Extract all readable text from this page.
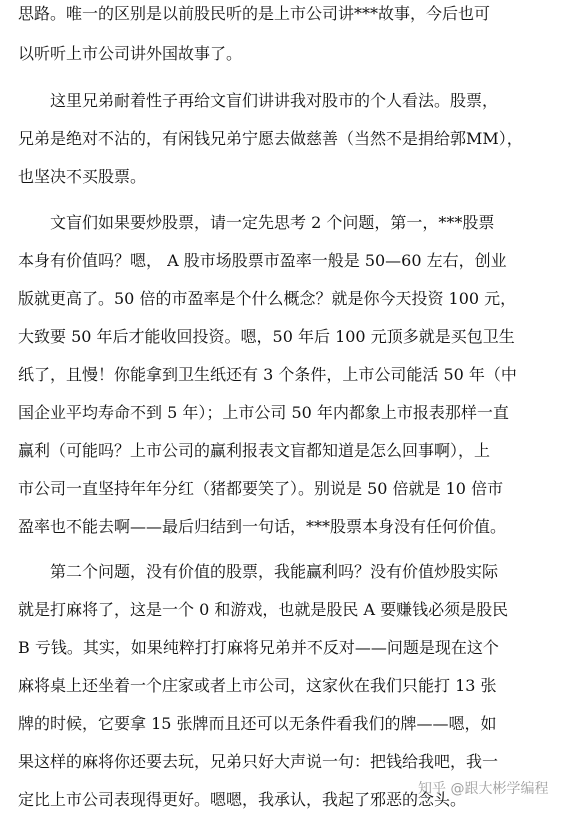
思路。唯一的区别是以前股民听的是上市公司讲***故事，今后也可
以听听上市公司讲外国故事了。
　　这里兄弟耐着性子再给文盲们讲讲我对股市的个人看法。股票，
兄弟是绝对不沾的，有闲钱兄弟宁愿去做慈善（当然不是捐给郭MM），
也坚决不买股票。
　　文盲们如果要炒股票，请一定先思考 2 个问题，第一，***股票
本身有价值吗？嗯， A 股市场股票市盈率一般是 50—60 左右，创业
版就更高了。50 倍的市盈率是个什么概念？就是你今天投资 100 元，
大致要 50 年后才能收回投资。嗯，50 年后 100 元顶多就是买包卫生
纸了，且慢！你能拿到卫生纸还有 3 个条件，上市公司能活 50 年（中
国企业平均寿命不到 5 年）；上市公司 50 年内都象上市报表那样一直
赢利（可能吗？上市公司的赢利报表文盲都知道是怎么回事啊），上
市公司一直坚持年年分红（猪都要笑了）。别说是 50 倍就是 10 倍市
盈率也不能去啊——最后归结到一句话，***股票本身没有任何价值。
　　第二个问题，没有价值的股票，我能赢利吗？没有价值炒股实际
就是打麻将了，这是一个 0 和游戏，也就是股民 A 要赚钱必须是股民
B 亏钱。其实，如果纯粹打打麻将兄弟并不反对——问题是现在这个
麻将桌上还坐着一个庄家或者上市公司，这家伙在我们只能打 13 张
牌的时候，它要拿 15 张牌而且还可以无条件看我们的牌——嗯，如
果这样的麻将你还要去玩，兄弟只好大声说一句：把钱给我吧，我一
定比上市公司表现得更好。嗯嗯，我承认，我起了邪恶的念头。
知乎 @跟大彬学编程
